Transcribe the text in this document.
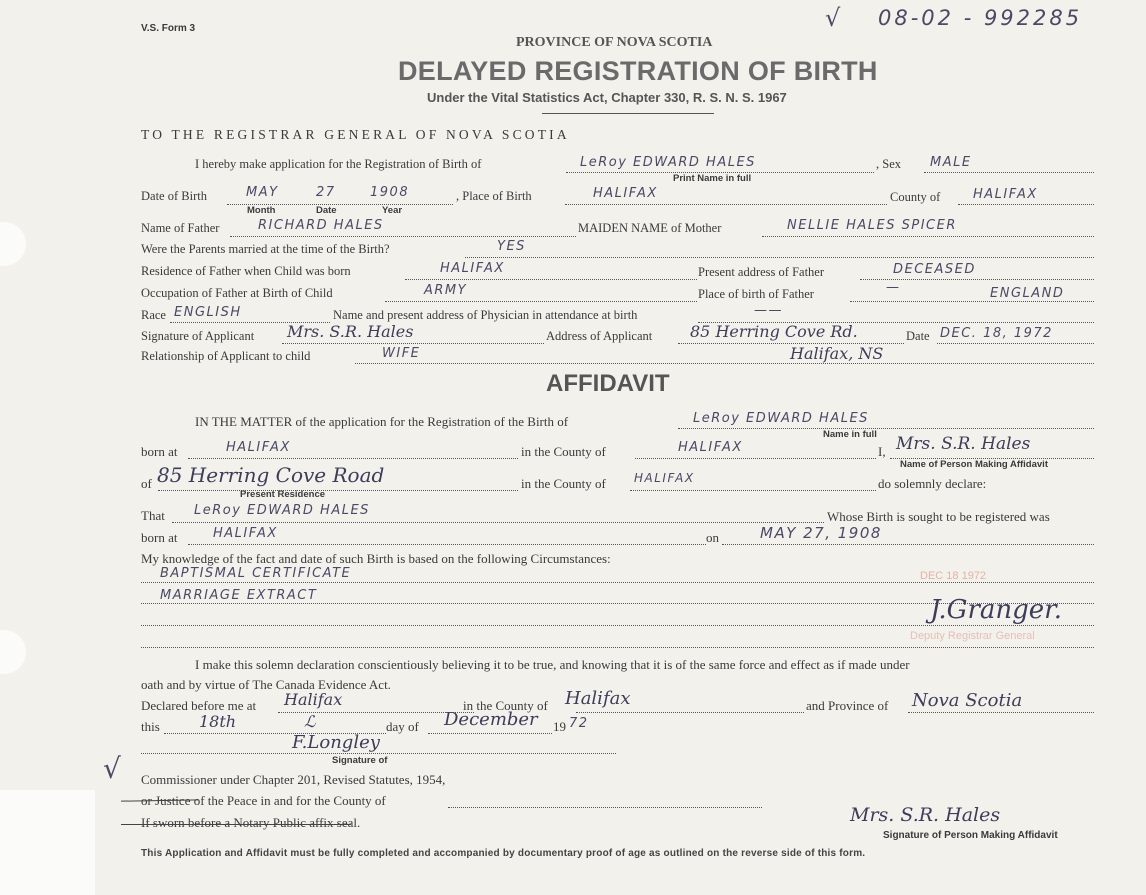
V.S. Form 3	√ 08-02 - 992285
PROVINCE OF NOVA SCOTIA
DELAYED REGISTRATION OF BIRTH
Under the Vital Statistics Act, Chapter 330, R. S. N. S. 1967
TO THE REGISTRAR GENERAL OF NOVA SCOTIA
I hereby make application for the Registration of Birth of	LeRoy EDWARD HALES
Print Name in full
, Sex MALE
Date of Birth	MAY	27	1908
Month	Date	Year
, Place of Birth	HALIFAX	County of	HALIFAX
Name of Father	RICHARD HALES	MAIDEN NAME of Mother	NELLIE HALES SPICER
Were the Parents married at the time of the Birth?	YES
Residence of Father when Child was born	HALIFAX	Present address of Father	DECEASED
Occupation of Father at Birth of Child	ARMY	Place of birth of Father	—	ENGLAND
Race ENGLISH	Name and present address of Physician in attendance at birth	——
Signature of Applicant Mrs. S.R. Hales	Address of Applicant 85 Herring Cove Rd.	Date DEC. 18, 1972
Relationship of Applicant to child	WIFE	Halifax, NS
AFFIDAVIT
IN THE MATTER of the application for the Registration of the Birth of	LeRoy EDWARD HALES
Name in full
born at	HALIFAX	in the County of	HALIFAX	I, Mrs. S.R. Hales
Name of Person Making Affidavit
of 85 Herring Cove Road
Present Residence
in the County of HALIFAX	do solemnly declare:
That LeRoy EDWARD HALES	Whose Birth is sought to be registered was
born at	HALIFAX	on	MAY 27, 1908
My knowledge of the fact and date of such Birth is based on the following Circumstances:
BAPTISMAL CERTIFICATE
MARRIAGE EXTRACT
DEC 18 1972
Deputy Registrar General
J.Granger.
I make this solemn declaration conscientiously believing it to be true, and knowing that it is of the same force and effect as if made under
oath and by virtue of The Canada Evidence Act.
Declared before me at Halifax	in the County of Halifax	and Province of Nova Scotia
this 18th	ℒ	day of December 19 72
F.Longley
Signature of
√ Commissioner under Chapter 201, Revised Statutes, 1954,
or Justice of the Peace in and for the County of
If sworn before a Notary Public affix seal.	Mrs. S.R. Hales
Signature of Person Making Affidavit
This Application and Affidavit must be fully completed and accompanied by documentary proof of age as outlined on the reverse side of this form.
